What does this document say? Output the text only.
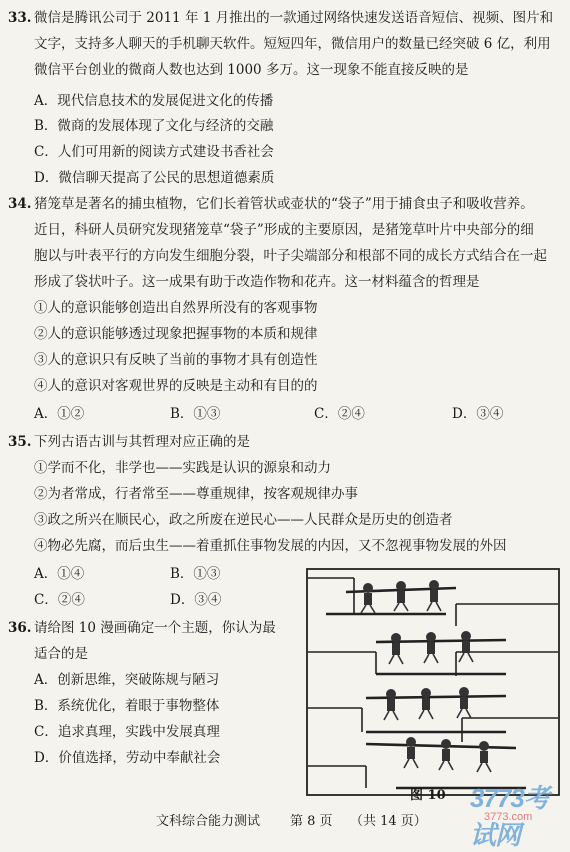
33. 微信是腾讯公司于 2011 年 1 月推出的一款通过网络快速发送语音短信、视频、图片和
文字，支持多人聊天的手机聊天软件。短短四年，微信用户的数量已经突破 6 亿，利用
微信平台创业的微商人数也达到 1000 多万。这一现象不能直接反映的是
A．现代信息技术的发展促进文化的传播
B．微商的发展体现了文化与经济的交融
C．人们可用新的阅读方式建设书香社会
D．微信聊天提高了公民的思想道德素质
34. 猪笼草是著名的捕虫植物，它们长着管状或壶状的“袋子”用于捕食虫子和吸收营养。
近日，科研人员研究发现猪笼草“袋子”形成的主要原因，是猪笼草叶片中央部分的细
胞以与叶表平行的方向发生细胞分裂，叶子尖端部分和根部不同的成长方式结合在一起
形成了袋状叶子。这一成果有助于改造作物和花卉。这一材料蕴含的哲理是
①人的意识能够创造出自然界所没有的客观事物
②人的意识能够透过现象把握事物的本质和规律
③人的意识只有反映了当前的事物才具有创造性
④人的意识对客观世界的反映是主动和有目的的
A．①②	B．①③	C．②④	D．③④
35. 下列古语古训与其哲理对应正确的是
①学而不化，非学也——实践是认识的源泉和动力
②为者常成，行者常至——尊重规律，按客观规律办事
③政之所兴在顺民心，政之所废在逆民心——人民群众是历史的创造者
④物必先腐，而后虫生——着重抓住事物发展的内因，又不忽视事物发展的外因
A．①④	B．①③
C．②④	D．③④
36. 请给图 10 漫画确定一个主题，你认为最
适合的是
A．创新思维，突破陈规与陋习
B．系统优化，着眼于事物整体
C．追求真理，实践中发展真理
D．价值选择，劳动中奉献社会
图 10 3773考试网
3773.com
文科综合能力测试 第 8 页 （共 14 页）
